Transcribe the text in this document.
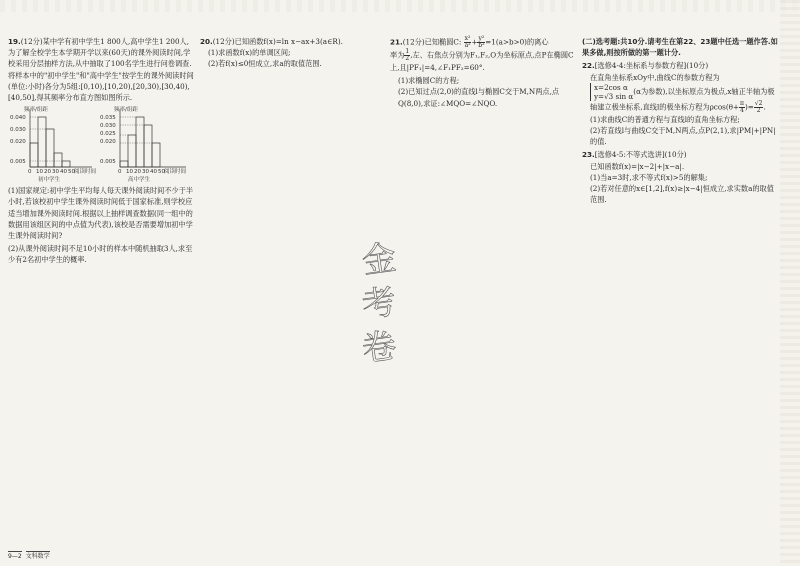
19.(12分)某中学有初中学生1 800人,高中学生1 200人,为了解全校学生本学期开学以来(60天)的课外阅读时间,学校采用分层抽样方法,从中抽取了100名学生进行问卷调查.将样本中的"初中学生"和"高中学生"按学生的课外阅读时间(单位:小时)各分为5组:[0,10),[10,20),[20,30),[30,40),[40,50],得其频率分布直方图如图所示.

频率/组距
0.040
0.030
0.020
0.005
0 10 20 30 40 50 阅读时间
初中学生
频率/组距
0.035
0.030
0.025
0.020
0.005
0 10 20 30 40 50 阅读时间
高中学生

(1)国家规定:初中学生平均每人每天课外阅读时间不少于半小时,若该校初中学生课外阅读时间低于国家标准,则学校应适当增加课外阅读时间.根据以上抽样调查数据(同一组中的数据用该组区间的中点值为代表),该校是否需要增加初中学生课外阅读时间?

(2)从课外阅读时间不足10小时的样本中随机抽取3人,求至少有2名初中学生的概率.

20.(12分)已知函数f(x)=ln x−ax+3(a∈R).

(1)求函数f(x)的单调区间;

(2)若f(x)≤0恒成立,求a的取值范围.

21.(12分)已知椭圆C: $\frac{\text{x²}}{\text{a²}} + \frac{\text{y²}}{\text{b²}} =1(a>b>0)$的离心
率为 $\frac{1}{2}$ ,左、右焦点分别为F₁,F₂,O为坐标原点,点P在椭圆C上,且|PF₁|=4,∠F₁PF₂=60°.

(1)求椭圆C的方程;

(2)已知过点(2,0)的直线l与椭圆C交于M,N两点,点Q(8,0),求证:∠MQO=∠NQO.

(二)选考题:共10分.请考生在第22、23题中任选一题作答.如果多做,则按所做的第一题计分.

22.[选修4-4:坐标系与参数方程](10分)

在直角坐标系xOy中,曲线C的参数方程为
x=2cos α
y=√3 sin α(α为参数),以坐标原点为极点,x轴正半轴为极轴建立极坐标系,直线l的极坐标方程为$\rho\cos(\theta+ \frac{\pi}{4}$ )= $\frac{√2}{2}$ .

(1)求曲线C的普通方程与直线l的直角坐标方程;

(2)若直线l与曲线C交于M,N两点,点P(2,1),求|PM|+|PN|的值.

23.[选修4-5:不等式选讲](10分)

已知函数f(x)=|x−2|+|x−a|.

(1)当a=3时,求不等式f(x)>5的解集;

(2)若对任意的x∈[1,2],f(x)≥|x−4|恒成立,求实数a的取值范围.

金
考
卷
9—2 文科数学
